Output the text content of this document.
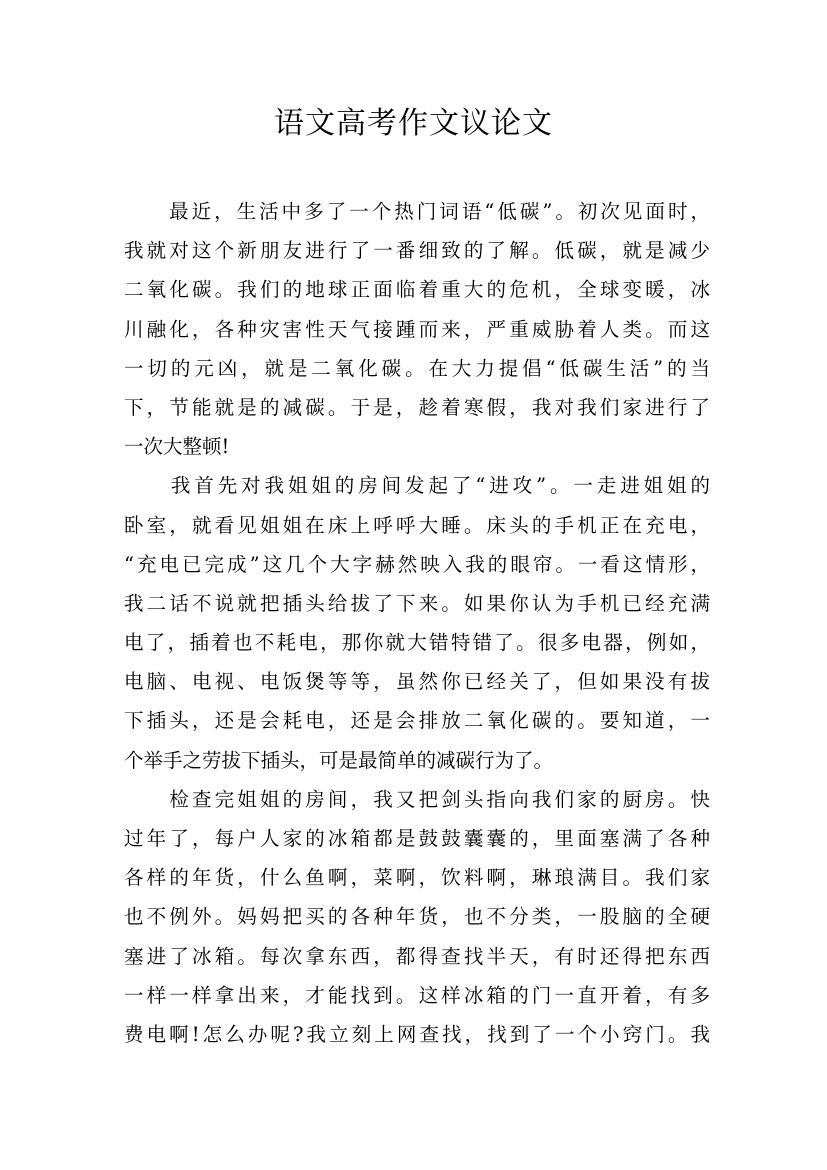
语文高考作文议论文
　　最近，生活中多了一个热门词语“低碳”。初次见面时，
我就对这个新朋友进行了一番细致的了解。低碳，就是减少
二氧化碳。我们的地球正面临着重大的危机，全球变暖，冰
川融化，各种灾害性天气接踵而来，严重威胁着人类。而这
一切的元凶，就是二氧化碳。在大力提倡“低碳生活”的当
下，节能就是的减碳。于是，趁着寒假，我对我们家进行了
一次大整顿!
　　我首先对我姐姐的房间发起了“进攻”。一走进姐姐的
卧室，就看见姐姐在床上呼呼大睡。床头的手机正在充电，
“充电已完成”这几个大字赫然映入我的眼帘。一看这情形，
我二话不说就把插头给拔了下来。如果你认为手机已经充满
电了，插着也不耗电，那你就大错特错了。很多电器，例如，
电脑、电视、电饭煲等等，虽然你已经关了，但如果没有拔
下插头，还是会耗电，还是会排放二氧化碳的。要知道，一
个举手之劳拔下插头，可是最简单的减碳行为了。
　　检查完姐姐的房间，我又把剑头指向我们家的厨房。快
过年了，每户人家的冰箱都是鼓鼓囊囊的，里面塞满了各种
各样的年货，什么鱼啊，菜啊，饮料啊，琳琅满目。我们家
也不例外。妈妈把买的各种年货，也不分类，一股脑的全硬
塞进了冰箱。每次拿东西，都得查找半天，有时还得把东西
一样一样拿出来，才能找到。这样冰箱的门一直开着，有多
费电啊!怎么办呢?我立刻上网查找，找到了一个小窍门。我
